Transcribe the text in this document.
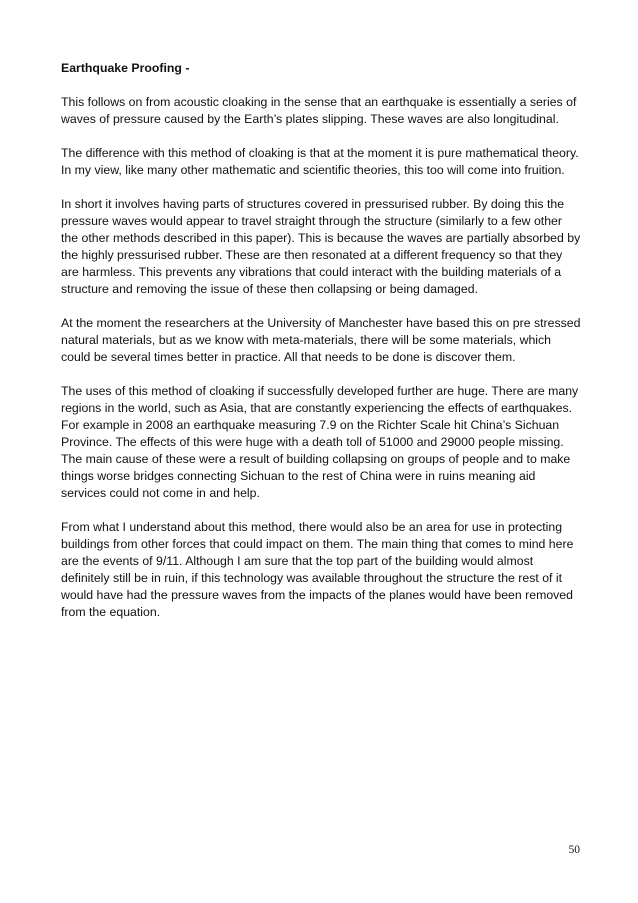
Earthquake Proofing -

This follows on from acoustic cloaking in the sense that an earthquake is essentially a series of waves of pressure caused by the Earth’s plates slipping. These waves are also longitudinal.

The difference with this method of cloaking is that at the moment it is pure mathematical theory. In my view, like many other mathematic and scientific theories, this too will come into fruition.

In short it involves having parts of structures covered in pressurised rubber. By doing this the pressure waves would appear to travel straight through the structure (similarly to a few other the other methods described in this paper). This is because the waves are partially absorbed by the highly pressurised rubber. These are then resonated at a different frequency so that they are harmless. This prevents any vibrations that could interact with the building materials of a structure and removing the issue of these then collapsing or being damaged.

At the moment the researchers at the University of Manchester have based this on pre stressed natural materials, but as we know with meta-materials, there will be some materials, which could be several times better in practice. All that needs to be done is discover them.

The uses of this method of cloaking if successfully developed further are huge. There are many regions in the world, such as Asia, that are constantly experiencing the effects of earthquakes. For example in 2008 an earthquake measuring 7.9 on the Richter Scale hit China’s Sichuan Province. The effects of this were huge with a death toll of 51000 and 29000 people missing. The main cause of these were a result of building collapsing on groups of people and to make things worse bridges connecting Sichuan to the rest of China were in ruins meaning aid services could not come in and help.

From what I understand about this method, there would also be an area for use in protecting buildings from other forces that could impact on them. The main thing that comes to mind here are the events of 9/11. Although I am sure that the top part of the building would almost definitely still be in ruin, if this technology was available throughout the structure the rest of it would have had the pressure waves from the impacts of the planes would have been removed from the equation.

50
